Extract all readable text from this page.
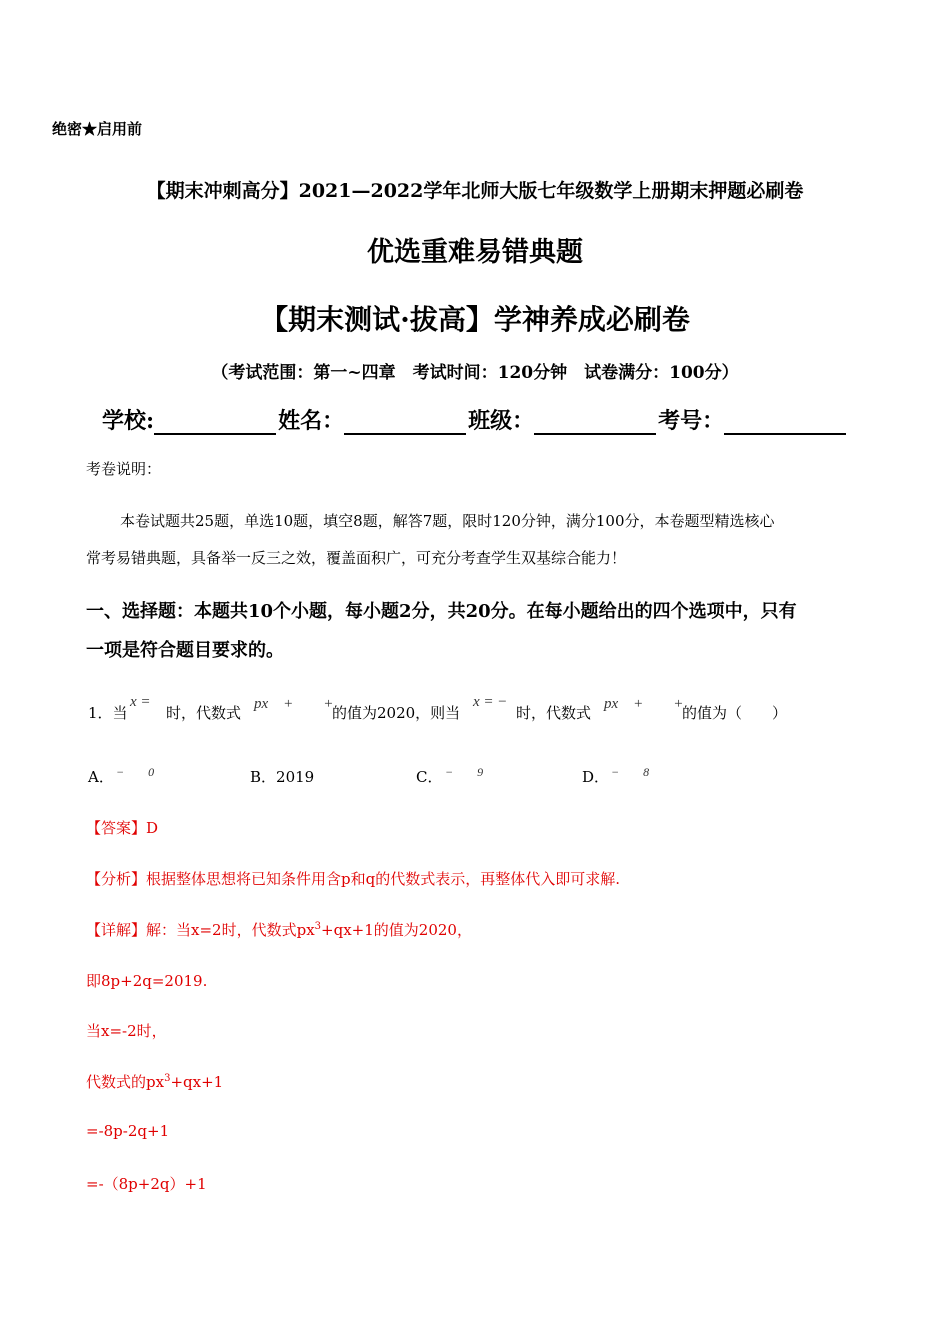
绝密★启用前
【期末冲刺高分】2021—2022学年北师大版七年级数学上册期末押题必刷卷
优选重难易错典题
【期末测试·拔高】学神养成必刷卷
（考试范围：第一~四章　考试时间：120分钟　试卷满分：100分）
学校:	姓名：	班级：	考号：
考卷说明：
本卷试题共25题，单选10题，填空8题，解答7题，限时120分钟，满分100分，本卷题型精选核心
常考易错典题，具备举一反三之效，覆盖面积广，可充分考查学生双基综合能力！
一、选择题：本题共10个小题，每小题2分，共20分。在每小题给出的四个选项中，只有
一项是符合题目要求的。
1．当
x =
时，代数式 px　+　　+
的值为2020，则当
x = −
时，代数式 px　+　　+
的值为（　　）
A． −　　0	B．2019	C． −　　9	D． −　　8
【答案】D
【分析】根据整体思想将已知条件用含p和q的代数式表示，再整体代入即可求解.
【详解】解：当x=2时，代数式$px^3+qx+1$的值为2020，
即8p+2q=2019.
当x=-2时，
代数式的$px^3+qx+1$
=-8p-2q+1
=-（8p+2q）+1
